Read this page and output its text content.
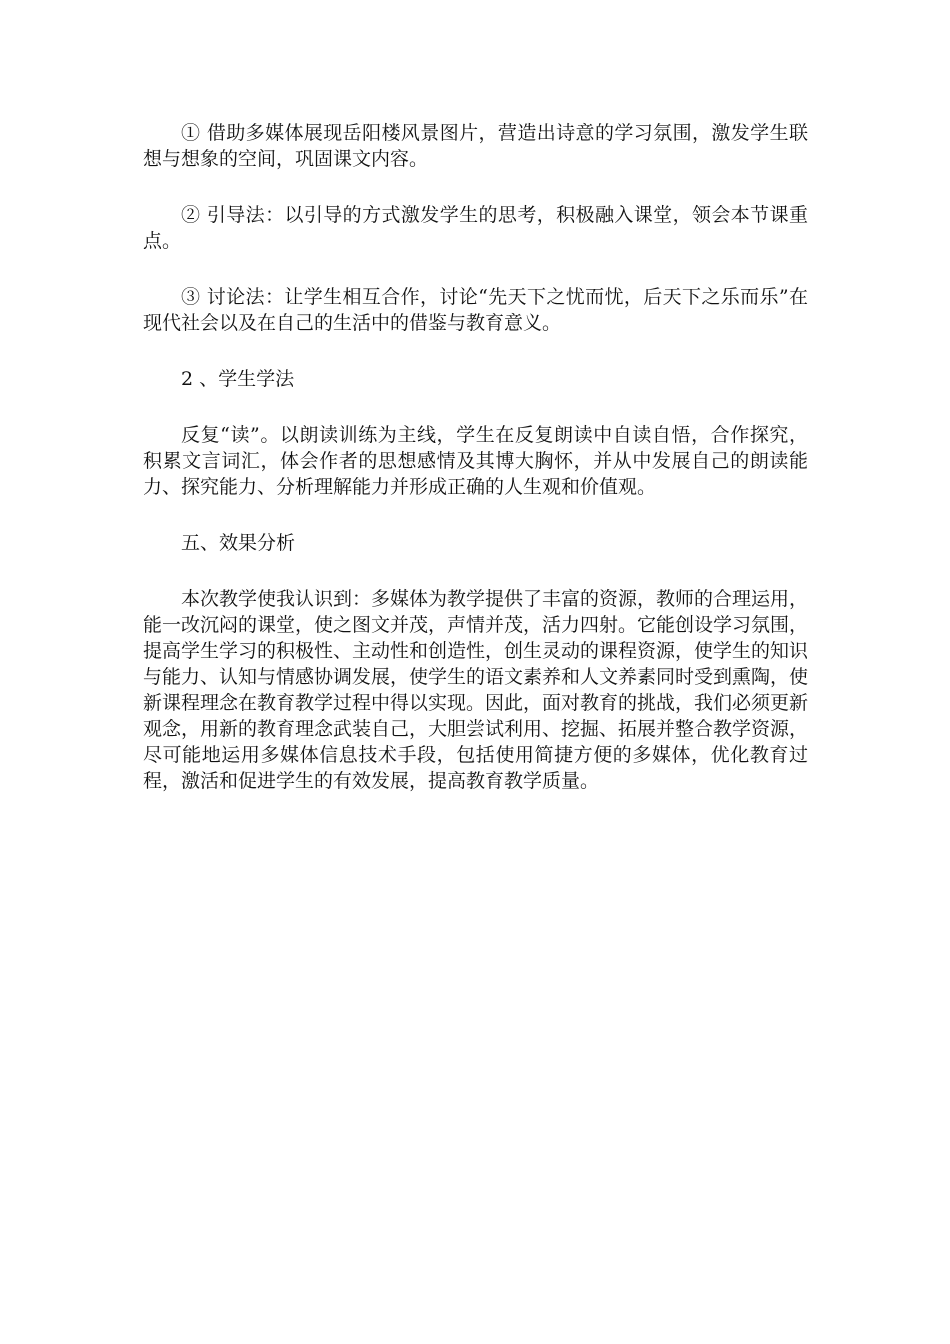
① 借助多媒体展现岳阳楼风景图片，营造出诗意的学习氛围，激发学生联想与想象的空间，巩固课文内容。

② 引导法：以引导的方式激发学生的思考，积极融入课堂，领会本节课重点。

③ 讨论法：让学生相互合作，讨论“先天下之忧而忧，后天下之乐而乐”在现代社会以及在自己的生活中的借鉴与教育意义。

2 、学生学法

反复“读”。以朗读训练为主线，学生在反复朗读中自读自悟，合作探究，积累文言词汇，体会作者的思想感情及其博大胸怀，并从中发展自己的朗读能力、探究能力、分析理解能力并形成正确的人生观和价值观。

五、效果分析

本次教学使我认识到：多媒体为教学提供了丰富的资源，教师的合理运用，能一改沉闷的课堂，使之图文并茂，声情并茂，活力四射。它能创设学习氛围，提高学生学习的积极性、主动性和创造性，创生灵动的课程资源，使学生的知识与能力、认知与情感协调发展，使学生的语文素养和人文养素同时受到熏陶，使新课程理念在教育教学过程中得以实现。因此，面对教育的挑战，我们必须更新观念，用新的教育理念武装自己，大胆尝试利用、挖掘、拓展并整合教学资源，尽可能地运用多媒体信息技术手段，包括使用简捷方便的多媒体，优化教育过程，激活和促进学生的有效发展，提高教育教学质量。
